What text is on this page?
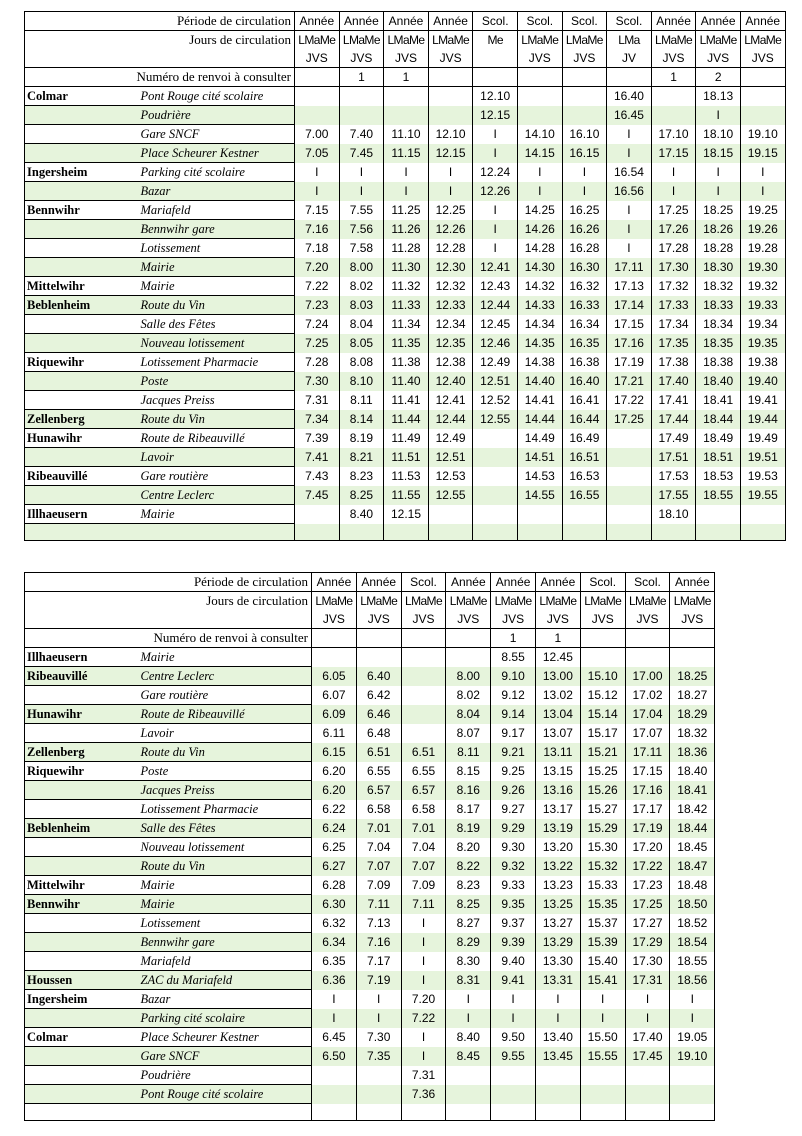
Période de circulation		Année	Année	Année	Année	Scol.	Scol.	Scol.	Scol.	Année	Année	Année
Jours de circulation		LMaMe	LMaMe	LMaMe	LMaMe	Me	LMaMe	LMaMe	LMa	LMaMe	LMaMe	LMaMe
		JVS	JVS	JVS	JVS		JVS	JVS	JV	JVS	JVS	JVS
Numéro de renvoi à consulter			1	1						1	2	
Colmar	Pont Rouge cité scolaire					12.10			16.40		18.13	
	Poudrière					12.15			16.45		I	
	Gare SNCF	7.00	7.40	11.10	12.10	I	14.10	16.10	I	17.10	18.10	19.10
	Place Scheurer Kestner	7.05	7.45	11.15	12.15	I	14.15	16.15	I	17.15	18.15	19.15
Ingersheim	Parking cité scolaire	I	I	I	I	12.24	I	I	16.54	I	I	I
	Bazar	I	I	I	I	12.26	I	I	16.56	I	I	I
Bennwihr	Mariafeld	7.15	7.55	11.25	12.25	I	14.25	16.25	I	17.25	18.25	19.25
	Bennwihr gare	7.16	7.56	11.26	12.26	I	14.26	16.26	I	17.26	18.26	19.26
	Lotissement	7.18	7.58	11.28	12.28	I	14.28	16.28	I	17.28	18.28	19.28
	Mairie	7.20	8.00	11.30	12.30	12.41	14.30	16.30	17.11	17.30	18.30	19.30
Mittelwihr	Mairie	7.22	8.02	11.32	12.32	12.43	14.32	16.32	17.13	17.32	18.32	19.32
Beblenheim	Route du Vin	7.23	8.03	11.33	12.33	12.44	14.33	16.33	17.14	17.33	18.33	19.33
	Salle des Fêtes	7.24	8.04	11.34	12.34	12.45	14.34	16.34	17.15	17.34	18.34	19.34
	Nouveau lotissement	7.25	8.05	11.35	12.35	12.46	14.35	16.35	17.16	17.35	18.35	19.35
Riquewihr	Lotissement Pharmacie	7.28	8.08	11.38	12.38	12.49	14.38	16.38	17.19	17.38	18.38	19.38
	Poste	7.30	8.10	11.40	12.40	12.51	14.40	16.40	17.21	17.40	18.40	19.40
	Jacques Preiss	7.31	8.11	11.41	12.41	12.52	14.41	16.41	17.22	17.41	18.41	19.41
Zellenberg	Route du Vin	7.34	8.14	11.44	12.44	12.55	14.44	16.44	17.25	17.44	18.44	19.44
Hunawihr	Route de Ribeauvillé	7.39	8.19	11.49	12.49		14.49	16.49		17.49	18.49	19.49
	Lavoir	7.41	8.21	11.51	12.51		14.51	16.51		17.51	18.51	19.51
Ribeauvillé	Gare routière	7.43	8.23	11.53	12.53		14.53	16.53		17.53	18.53	19.53
	Centre Leclerc	7.45	8.25	11.55	12.55		14.55	16.55		17.55	18.55	19.55
Illhaeusern	Mairie		8.40	12.15						18.10		

Période de circulation		Année	Année	Scol.	Année	Année	Année	Scol.	Scol.	Année
Jours de circulation		LMaMe	LMaMe	LMaMe	LMaMe	LMaMe	LMaMe	LMaMe	LMaMe	LMaMe
		JVS	JVS	JVS	JVS	JVS	JVS	JVS	JVS	JVS
Numéro de renvoi à consulter						1	1			
Illhaeusern	Mairie					8.55	12.45			
Ribeauvillé	Centre Leclerc	6.05	6.40		8.00	9.10	13.00	15.10	17.00	18.25
	Gare routière	6.07	6.42		8.02	9.12	13.02	15.12	17.02	18.27
Hunawihr	Route de Ribeauvillé	6.09	6.46		8.04	9.14	13.04	15.14	17.04	18.29
	Lavoir	6.11	6.48		8.07	9.17	13.07	15.17	17.07	18.32
Zellenberg	Route du Vin	6.15	6.51	6.51	8.11	9.21	13.11	15.21	17.11	18.36
Riquewihr	Poste	6.20	6.55	6.55	8.15	9.25	13.15	15.25	17.15	18.40
	Jacques Preiss	6.20	6.57	6.57	8.16	9.26	13.16	15.26	17.16	18.41
	Lotissement Pharmacie	6.22	6.58	6.58	8.17	9.27	13.17	15.27	17.17	18.42
Beblenheim	Salle des Fêtes	6.24	7.01	7.01	8.19	9.29	13.19	15.29	17.19	18.44
	Nouveau lotissement	6.25	7.04	7.04	8.20	9.30	13.20	15.30	17.20	18.45
	Route du Vin	6.27	7.07	7.07	8.22	9.32	13.22	15.32	17.22	18.47
Mittelwihr	Mairie	6.28	7.09	7.09	8.23	9.33	13.23	15.33	17.23	18.48
Bennwihr	Mairie	6.30	7.11	7.11	8.25	9.35	13.25	15.35	17.25	18.50
	Lotissement	6.32	7.13	I	8.27	9.37	13.27	15.37	17.27	18.52
	Bennwihr gare	6.34	7.16	I	8.29	9.39	13.29	15.39	17.29	18.54
	Mariafeld	6.35	7.17	I	8.30	9.40	13.30	15.40	17.30	18.55
Houssen	ZAC du Mariafeld	6.36	7.19	I	8.31	9.41	13.31	15.41	17.31	18.56
Ingersheim	Bazar	I	I	7.20	I	I	I	I	I	I
	Parking cité scolaire	I	I	7.22	I	I	I	I	I	I
Colmar	Place Scheurer Kestner	6.45	7.30	I	8.40	9.50	13.40	15.50	17.40	19.05
	Gare SNCF	6.50	7.35	I	8.45	9.55	13.45	15.55	17.45	19.10
	Poudrière			7.31						
	Pont Rouge cité scolaire			7.36						
